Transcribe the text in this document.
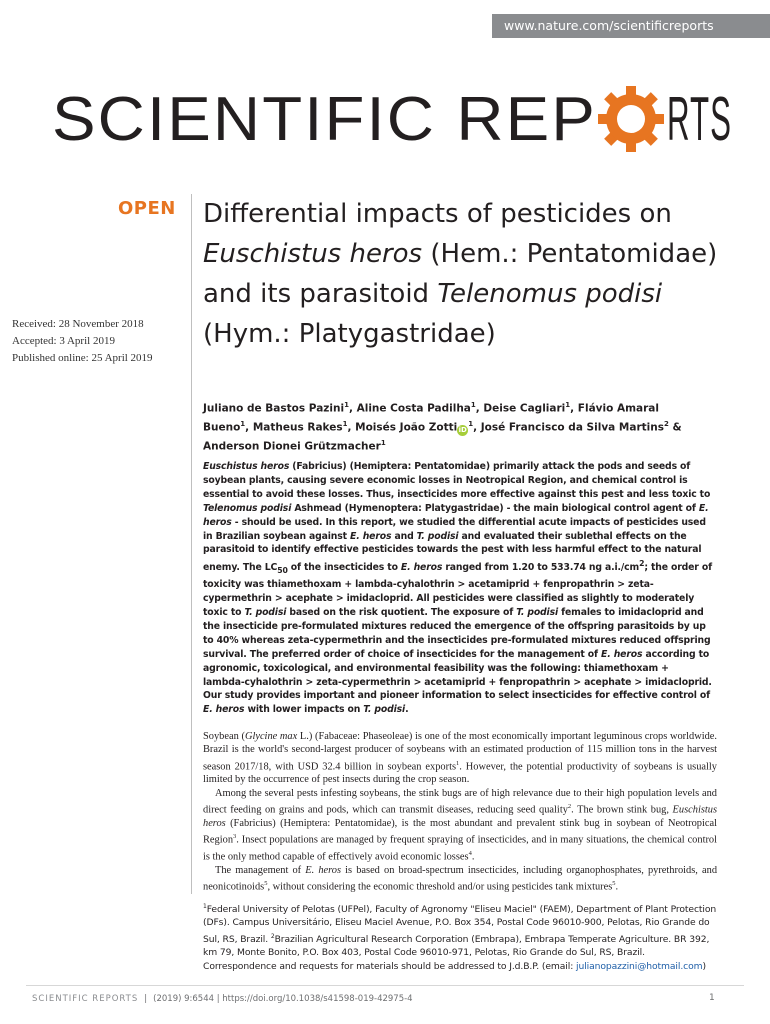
www.nature.com/scientificreports
SCIENTIFIC REP RTS
OPEN
Received: 28 November 2018
Accepted: 3 April 2019
Published online: 25 April 2019
Differential impacts of pesticides on Euschistus heros (Hem.: Pentatomidae) and its parasitoid Telenomus podisi (Hym.: Platygastridae)
Juliano de Bastos Pazini$^1$, Aline Costa Padilha$^1$, Deise Cagliari$^1$, Flávio Amaral Bueno$^1$, Matheus Rakes$^1$, Moisés João ZottiiD$^1$, José Francisco da Silva Martins$^2$ & Anderson Dionei Grützmacher$^1$

Euschistus heros (Fabricius) (Hemiptera: Pentatomidae) primarily attack the pods and seeds of soybean plants, causing severe economic losses in Neotropical Region, and chemical control is essential to avoid these losses. Thus, insecticides more effective against this pest and less toxic to Telenomus podisi Ashmead (Hymenoptera: Platygastridae) - the main biological control agent of E. heros - should be used. In this report, we studied the differential acute impacts of pesticides used in Brazilian soybean against E. heros and T. podisi and evaluated their sublethal effects on the parasitoid to identify effective pesticides towards the pest with less harmful effect to the natural enemy. The $LC_{50}$ of the insecticides to E. heros ranged from 1.20 to 533.74 ng $a.i./cm^2$; the order of toxicity was thiamethoxam + lambda-cyhalothrin > acetamiprid + fenpropathrin > zeta-cypermethrin > acephate > imidacloprid. All pesticides were classified as slightly to moderately toxic to T. podisi based on the risk quotient. The exposure of T. podisi females to imidacloprid and the insecticide pre-formulated mixtures reduced the emergence of the offspring parasitoids by up to 40% whereas zeta-cypermethrin and the insecticides pre-formulated mixtures reduced offspring survival. The preferred order of choice of insecticides for the management of E. heros according to agronomic, toxicological, and environmental feasibility was the following: thiamethoxam + lambda-cyhalothrin > zeta-cypermethrin > acetamiprid + fenpropathrin > acephate > imidacloprid. Our study provides important and pioneer information to select insecticides for effective control of E. heros with lower impacts on T. podisi.

Soybean (Glycine max L.) (Fabaceae: Phaseoleae) is one of the most economically important leguminous crops worldwide. Brazil is the world's second-largest producer of soybeans with an estimated production of 115 million tons in the harvest season 2017/18, with USD 32.4 billion in soybean exports$^1$. However, the potential productivity of soybeans is usually limited by the occurrence of pest insects during the crop season.

Among the several pests infesting soybeans, the stink bugs are of high relevance due to their high population levels and direct feeding on grains and pods, which can transmit diseases, reducing seed quality$^2$. The brown stink bug, Euschistus heros (Fabricius) (Hemiptera: Pentatomidae), is the most abundant and prevalent stink bug in soybean of Neotropical Region$^3$. Insect populations are managed by frequent spraying of insecticides, and in many situations, the chemical control is the only method capable of effectively avoid economic losses$^4$.

The management of E. heros is based on broad-spectrum insecticides, including organophosphates, pyrethroids, and neonicotinoids$^5$, without considering the economic threshold and/or using pesticides tank mixtures$^5$.

$^1$Federal University of Pelotas (UFPel), Faculty of Agronomy "Eliseu Maciel" (FAEM), Department of Plant Protection (DFs). Campus Universitário, Eliseu Maciel Avenue, P.O. Box 354, Postal Code 96010-900, Pelotas, Rio Grande do Sul, RS, Brazil. $^2$Brazilian Agricultural Research Corporation (Embrapa), Embrapa Temperate Agriculture. BR 392, km 79, Monte Bonito, P.O. Box 403, Postal Code 96010-971, Pelotas, Rio Grande do Sul, RS, Brazil. Correspondence and requests for materials should be addressed to J.d.B.P. (email: julianopazzini@hotmail.com)
SCIENTIFIC REPORTS | (2019) 9:6544 | https://doi.org/10.1038/s41598-019-42975-4	1
